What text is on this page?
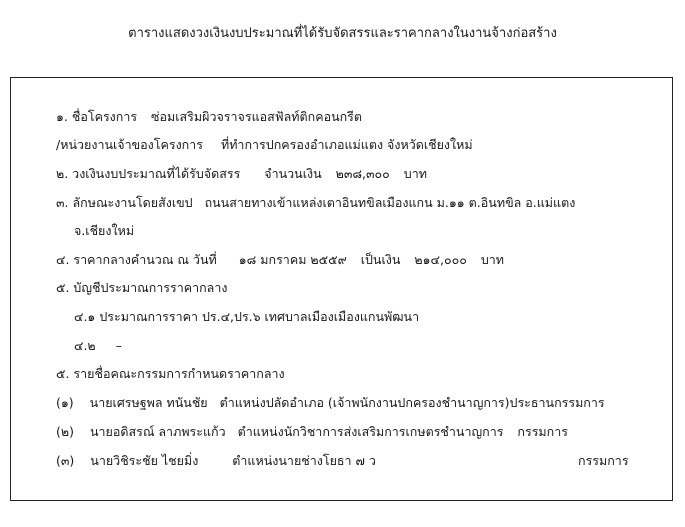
ตารางแสดงวงเงินงบประมาณที่ได้รับจัดสรรและราคากลางในงานจ้างก่อสร้าง
๑. ชื่อโครงการ ซ่อมเสริมผิวจราจรแอสฟัลท์ติกคอนกรีต
/หน่วยงานเจ้าของโครงการ ที่ทำการปกครองอำเภอแม่แตง จังหวัดเชียงใหม่
๒. วงเงินงบประมาณที่ได้รับจัดสรร จำนวนเงิน ๒๓๘,๓๐๐ บาท
๓. ลักษณะงานโดยสังเขป ถนนสายทางเข้าแหล่งเตาอินทขิลเมืองแกน ม.๑๑ ต.อินทขิล อ.แม่แตง
จ.เชียงใหม่
๔. ราคากลางคำนวณ ณ วันที่ ๑๘ มกราคม ๒๕๕๙ เป็นเงิน ๒๑๔,๐๐๐ บาท
๕. บัญชีประมาณการราคากลาง
๔.๑ ประมาณการราคา ปร.๔,ปร.๖ เทศบาลเมืองเมืองแกนพัฒนา
๔.๒ –
๕. รายชื่อคณะกรรมการกำหนดราคากลาง
(๑) นายเศรษฐพล ทนันชัย ตำแหน่งปลัดอำเภอ (เจ้าพนักงานปกครองชำนาญการ)ประธานกรรมการ
(๒) นายอดิสรณ์ ลาภพระแก้ว ตำแหน่งนักวิชาการส่งเสริมการเกษตรชำนาญการ กรรมการ
(๓) นายวิชิระชัย ไชยมิ่ง	ตำแหน่งนายช่างโยธา ๗ ว	กรรมการ
